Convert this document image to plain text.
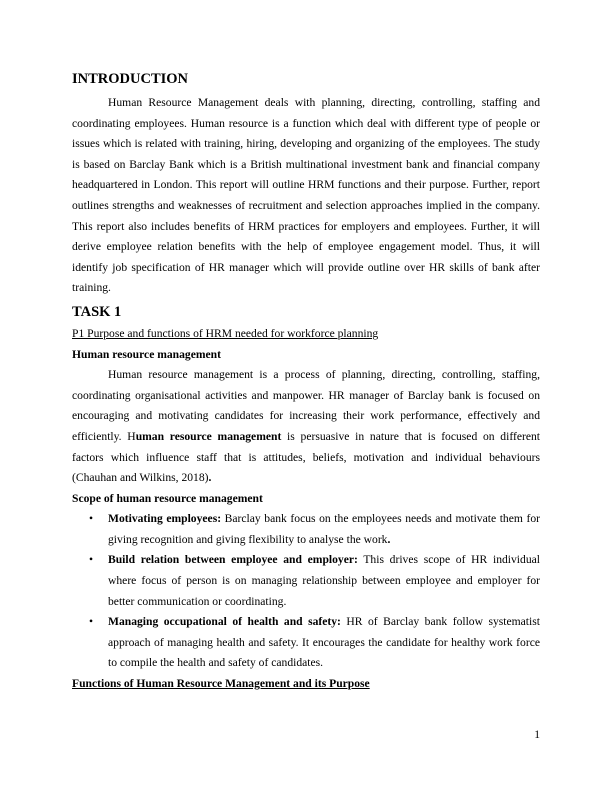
INTRODUCTION

Human Resource Management deals with planning, directing, controlling, staffing and coordinating employees. Human resource is a function which deal with different type of people or issues which is related with training, hiring, developing and organizing of the employees. The study is based on Barclay Bank which is a British multinational investment bank and financial company headquartered in London. This report will outline HRM functions and their purpose. Further, report outlines strengths and weaknesses of recruitment and selection approaches implied in the company. This report also includes benefits of HRM practices for employers and employees. Further, it will derive employee relation benefits with the help of employee engagement model. Thus, it will identify job specification of HR manager which will provide outline over HR skills of bank after training.

TASK 1
P1 Purpose and functions of HRM needed for workforce planning
Human resource management

Human resource management is a process of planning, directing, controlling, staffing, coordinating organisational activities and manpower. HR manager of Barclay bank is focused on encouraging and motivating candidates for increasing their work performance, effectively and efficiently. Human resource management is persuasive in nature that is focused on different factors which influence staff that is attitudes, beliefs, motivation and individual behaviours (Chauhan and Wilkins, 2018).

Scope of human resource management
• Motivating employees: Barclay bank focus on the employees needs and motivate them for giving recognition and giving flexibility to analyse the work.
• Build relation between employee and employer: This drives scope of HR individual where focus of person is on managing relationship between employee and employer for better communication or coordinating.
• Managing occupational of health and safety: HR of Barclay bank follow systematist approach of managing health and safety. It encourages the candidate for healthy work force to compile the health and safety of candidates.
Functions of Human Resource Management and its Purpose
1
